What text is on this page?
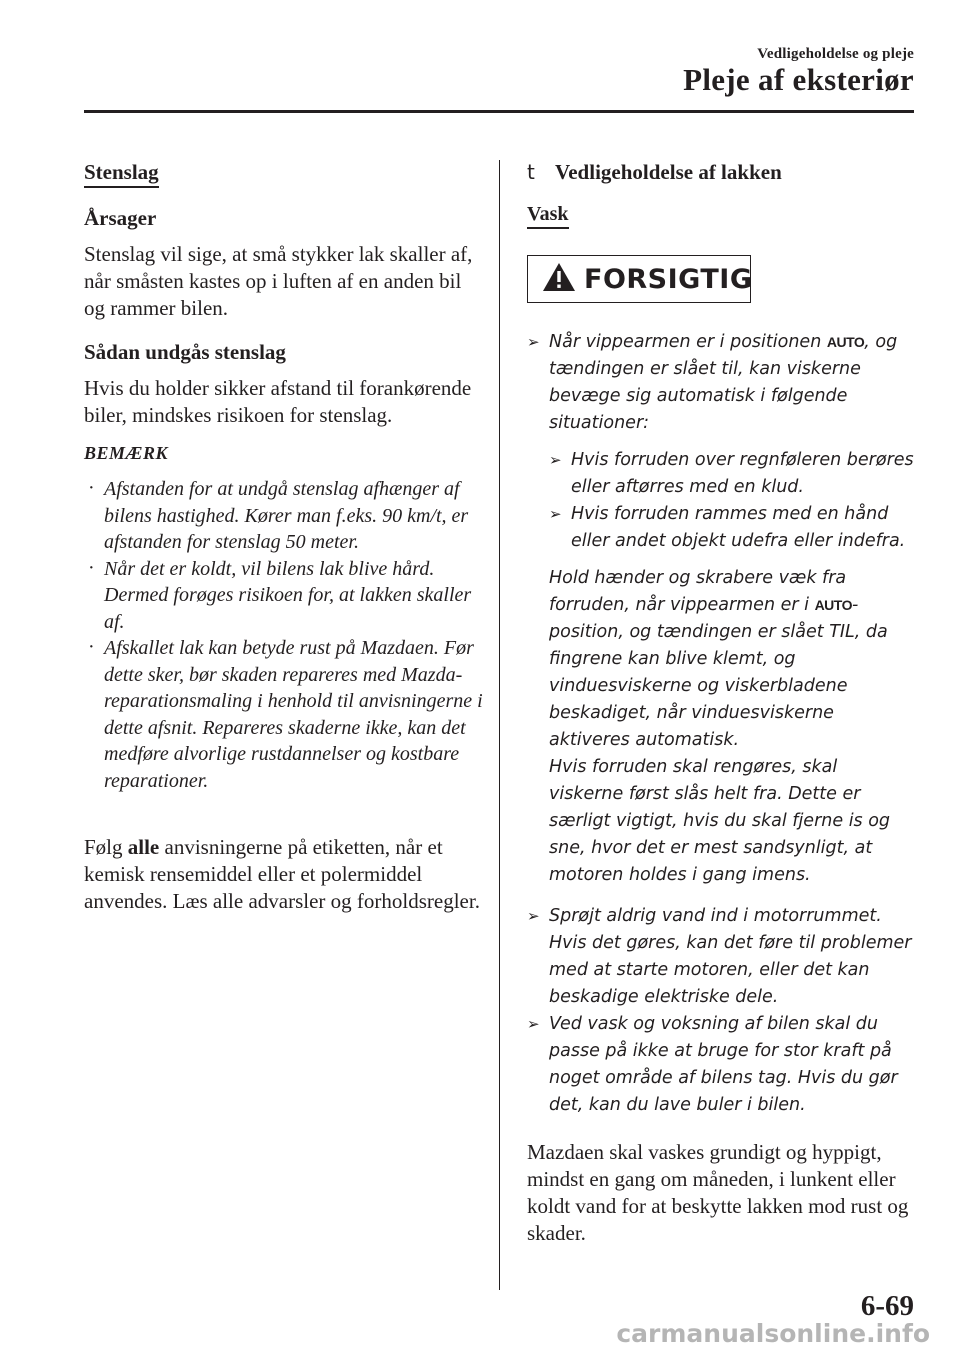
Vedligeholdelse og pleje
Pleje af eksteriør
Stenslag
Årsager

Stenslag vil sige, at små stykker lak skaller af, når småsten kastes op i luften af en anden bil og rammer bilen.

Sådan undgås stenslag

Hvis du holder sikker afstand til forankørende biler, mindskes risikoen for stenslag.

BEMÆRK
· Afstanden for at undgå stenslag afhænger af bilens hastighed. Kører man f.eks. 90 km/t, er afstanden for stenslag 50 meter.
· Når det er koldt, vil bilens lak blive hård. Dermed forøges risikoen for, at lakken skaller af.
· Afskallet lak kan betyde rust på Mazdaen. Før dette sker, bør skaden repareres med Mazda-reparationsmaling i henhold til anvisningerne i dette afsnit. Repareres skaderne ikke, kan det medføre alvorlige rustdannelser og kostbare reparationer.

Følg alle anvisningerne på etiketten, når et kemisk rensemiddel eller et polermiddel anvendes. Læs alle advarsler og forholdsregler.

t Vedligeholdelse af lakken
Vask
FORSIGTIG
➢ Når vippearmen er i positionen AUTO, og tændingen er slået til, kan viskerne bevæge sig automatisk i følgende situationer:
➢ Hvis forruden over regnføleren berøres eller aftørres med en klud.
➢ Hvis forruden rammes med en hånd eller andet objekt udefra eller indefra.
Hold hænder og skrabere væk fra forruden, når vippearmen er i AUTO-position, og tændingen er slået TIL, da fingrene kan blive klemt, og vinduesviskerne og viskerbladene beskadiget, når vinduesviskerne aktiveres automatisk.
Hvis forruden skal rengøres, skal viskerne først slås helt fra. Dette er særligt vigtigt, hvis du skal fjerne is og sne, hvor det er mest sandsynligt, at motoren holdes i gang imens.
➢ Sprøjt aldrig vand ind i motorrummet. Hvis det gøres, kan det føre til problemer med at starte motoren, eller det kan beskadige elektriske dele.
➢ Ved vask og voksning af bilen skal du passe på ikke at bruge for stor kraft på noget område af bilens tag. Hvis du gør det, kan du lave buler i bilen.

Mazdaen skal vaskes grundigt og hyppigt, mindst en gang om måneden, i lunkent eller koldt vand for at beskytte lakken mod rust og skader.

6-69
carmanualsonline.info
